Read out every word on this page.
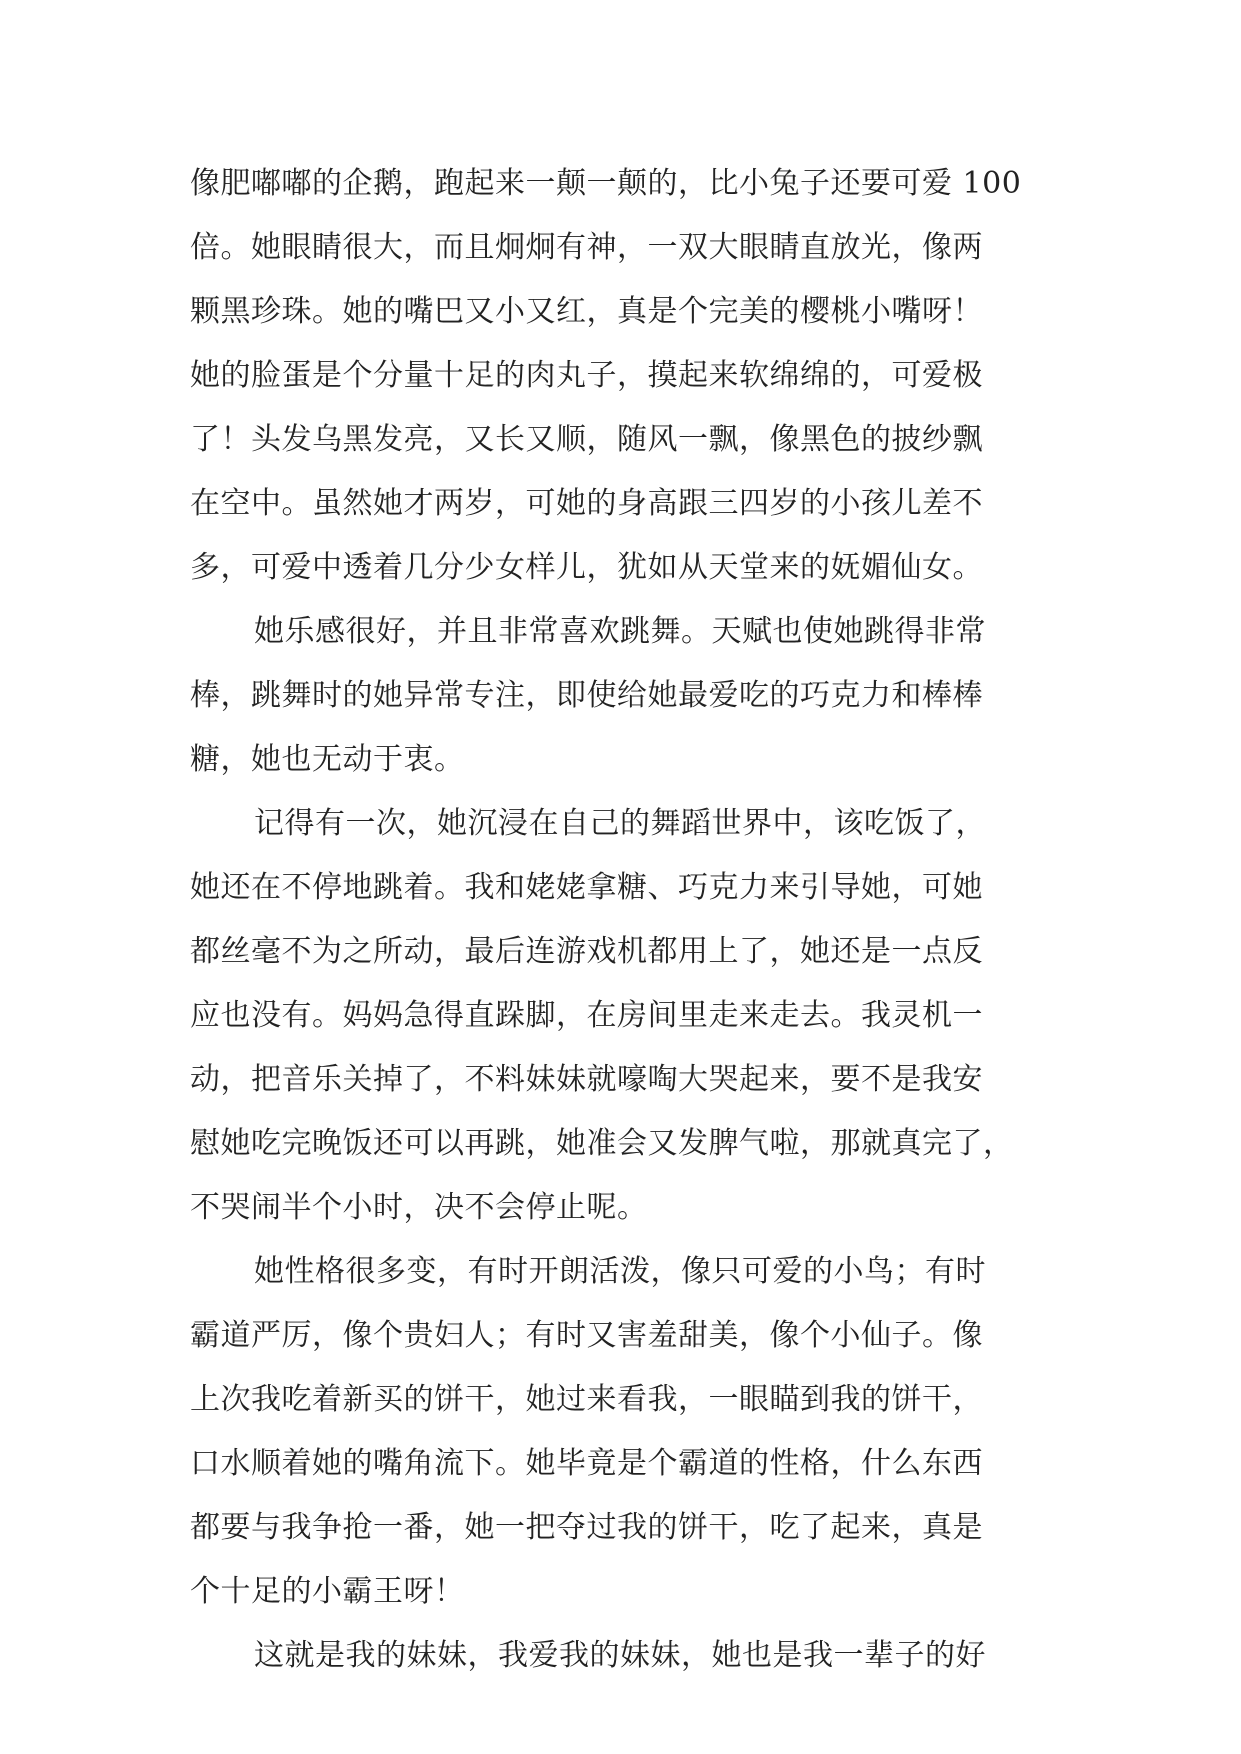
像肥嘟嘟的企鹅，跑起来一颠一颠的，比小兔子还要可爱 100
倍。她眼睛很大，而且炯炯有神，一双大眼睛直放光，像两
颗黑珍珠。她的嘴巴又小又红，真是个完美的樱桃小嘴呀！
她的脸蛋是个分量十足的肉丸子，摸起来软绵绵的，可爱极
了！头发乌黑发亮，又长又顺，随风一飘，像黑色的披纱飘
在空中。虽然她才两岁，可她的身高跟三四岁的小孩儿差不
多，可爱中透着几分少女样儿，犹如从天堂来的妩媚仙女。
她乐感很好，并且非常喜欢跳舞。天赋也使她跳得非常
棒，跳舞时的她异常专注，即使给她最爱吃的巧克力和棒棒
糖，她也无动于衷。
记得有一次，她沉浸在自己的舞蹈世界中，该吃饭了，
她还在不停地跳着。我和姥姥拿糖、巧克力来引导她，可她
都丝毫不为之所动，最后连游戏机都用上了，她还是一点反
应也没有。妈妈急得直跺脚，在房间里走来走去。我灵机一
动，把音乐关掉了，不料妹妹就嚎啕大哭起来，要不是我安
慰她吃完晚饭还可以再跳，她准会又发脾气啦，那就真完了，
不哭闹半个小时，决不会停止呢。
她性格很多变，有时开朗活泼，像只可爱的小鸟；有时
霸道严厉，像个贵妇人；有时又害羞甜美，像个小仙子。像
上次我吃着新买的饼干，她过来看我，一眼瞄到我的饼干，
口水顺着她的嘴角流下。她毕竟是个霸道的性格，什么东西
都要与我争抢一番，她一把夺过我的饼干，吃了起来，真是
个十足的小霸王呀！
这就是我的妹妹，我爱我的妹妹，她也是我一辈子的好
